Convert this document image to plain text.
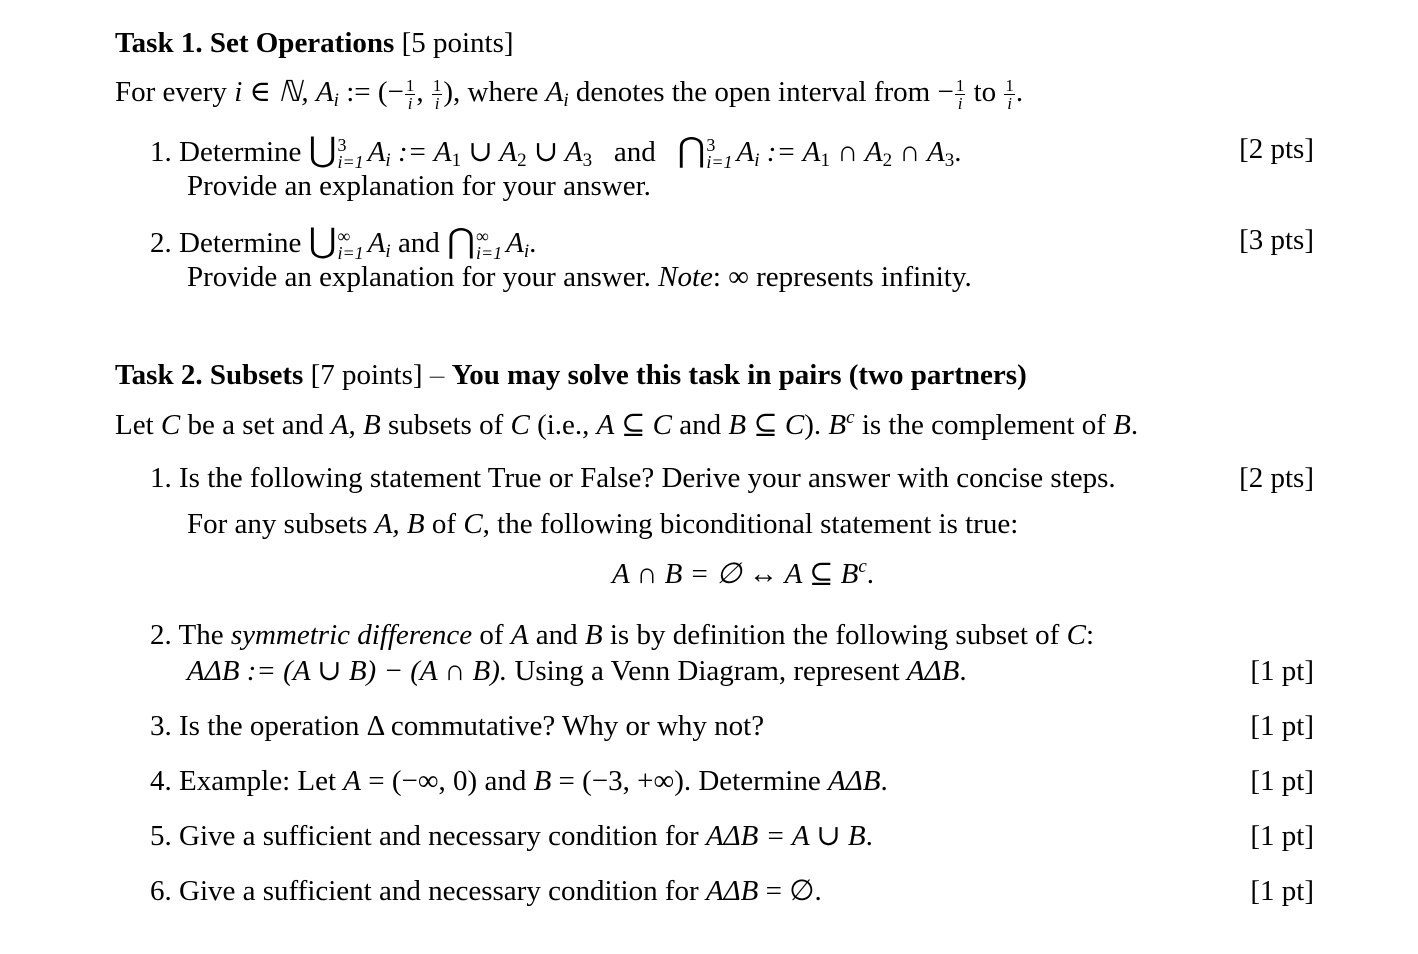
Task 1. Set Operations [5 points]
For every i ∈ ℕ, Ai := (− $\frac{1}{i}$ , $\frac{1}{i}$ ), where Ai denotes the open interval from − $\frac{1}{i}$ to $\frac{1}{i}$ .
1. Determine ⋃ 3
i=1 Ai := A1 ∪ A2 ∪ A3 and ⋂ 3
i=1 Ai := A1 ∩ A2 ∩ A3.	[2 pts]
Provide an explanation for your answer.
2. Determine ⋃ ∞
i=1 Ai and ⋂ ∞
i=1 Ai.	[3 pts]
Provide an explanation for your answer. Note: ∞ represents infinity.
Task 2. Subsets [7 points] – You may solve this task in pairs (two partners)
Let C be a set and A, B subsets of C (i.e., A ⊆ C and B ⊆ C). $B^c$ is the complement of B.
1. Is the following statement True or False? Derive your answer with concise steps.	[2 pts]
For any subsets A, B of C, the following biconditional statement is true:
A ∩ B = ∅ ↔ A ⊆ $B^c$.
2. The symmetric difference of A and B is by definition the following subset of C:
AΔB := (A ∪ B) − (A ∩ B). Using a Venn Diagram, represent AΔB.	[1 pt]
3. Is the operation Δ commutative? Why or why not?	[1 pt]
4. Example: Let A = (−∞, 0) and B = (−3, +∞). Determine AΔB.	[1 pt]
5. Give a sufficient and necessary condition for AΔB = A ∪ B.	[1 pt]
6. Give a sufficient and necessary condition for AΔB = ∅.	[1 pt]
